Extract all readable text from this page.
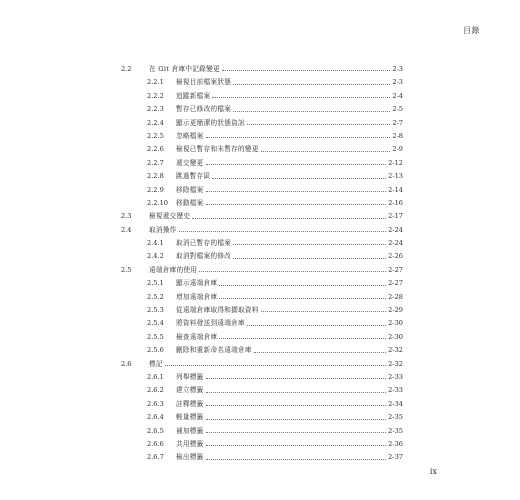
目錄
2.2	在 Git 倉庫中記錄變更	2-3
2.2.1	檢視目前檔案狀態	2-3
2.2.2	追蹤新檔案	2-4
2.2.3	暫存已修改的檔案	2-5
2.2.4	顯示更簡潔的狀態資訊	2-7
2.2.5	忽略檔案	2-8
2.2.6	檢視已暫存和未暫存的變更	2-9
2.2.7	遞交變更	2-12
2.2.8	跳過暫存區	2-13
2.2.9	移除檔案	2-14
2.2.10	移動檔案	2-16
2.3	檢視遞交歷史	2-17
2.4	取消操作	2-24
2.4.1	取消已暫存的檔案	2-24
2.4.2	取消對檔案的修改	2-26
2.5	遠端倉庫的使用	2-27
2.5.1	顯示遠端倉庫	2-27
2.5.2	增加遠端倉庫	2-28
2.5.3	從遠端倉庫取得和擷取資料	2-29
2.5.4	將資料發送到遠端倉庫	2-30
2.5.5	檢查遠端倉庫	2-30
2.5.6	刪除和重新命名遠端倉庫	2-32
2.6	標記	2-32
2.6.1	列舉標籤	2-33
2.6.2	建立標籤	2-33
2.6.3	註釋標籤	2-34
2.6.4	輕量標籤	2-35
2.6.5	補加標籤	2-35
2.6.6	共用標籤	2-36
2.6.7	檢出標籤	2-37
ix
